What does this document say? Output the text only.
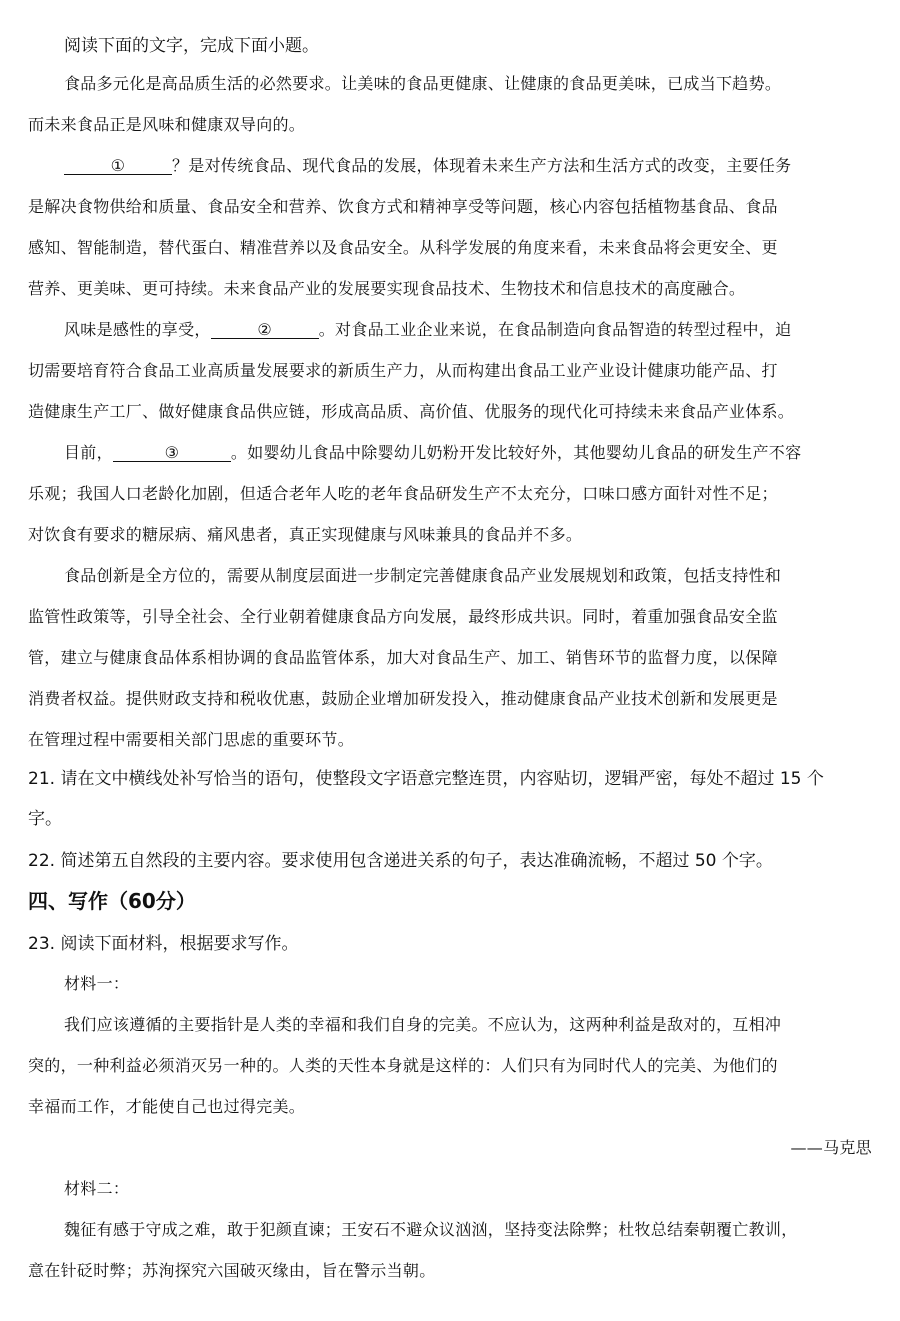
阅读下面的文字，完成下面小题。
食品多元化是高品质生活的必然要求。让美味的食品更健康、让健康的食品更美味，已成当下趋势。
而未来食品正是风味和健康双导向的。
①	？是对传统食品、现代食品的发展，体现着未来生产方法和生活方式的改变，主要任务
是解决食物供给和质量、食品安全和营养、饮食方式和精神享受等问题，核心内容包括植物基食品、食品
感知、智能制造，替代蛋白、精准营养以及食品安全。从科学发展的角度来看，未来食品将会更安全、更
营养、更美味、更可持续。未来食品产业的发展要实现食品技术、生物技术和信息技术的高度融合。
风味是感性的享受，	②	。对食品工业企业来说，在食品制造向食品智造的转型过程中，迫
切需要培育符合食品工业高质量发展要求的新质生产力，从而构建出食品工业产业设计健康功能产品、打
造健康生产工厂、做好健康食品供应链，形成高品质、高价值、优服务的现代化可持续未来食品产业体系。
目前，	③	。如婴幼儿食品中除婴幼儿奶粉开发比较好外，其他婴幼儿食品的研发生产不容
乐观；我国人口老龄化加剧，但适合老年人吃的老年食品研发生产不太充分，口味口感方面针对性不足；
对饮食有要求的糖尿病、痛风患者，真正实现健康与风味兼具的食品并不多。
食品创新是全方位的，需要从制度层面进一步制定完善健康食品产业发展规划和政策，包括支持性和
监管性政策等，引导全社会、全行业朝着健康食品方向发展，最终形成共识。同时，着重加强食品安全监
管，建立与健康食品体系相协调的食品监管体系，加大对食品生产、加工、销售环节的监督力度，以保障
消费者权益。提供财政支持和税收优惠，鼓励企业增加研发投入，推动健康食品产业技术创新和发展更是
在管理过程中需要相关部门思虑的重要环节。
21. 请在文中横线处补写恰当的语句，使整段文字语意完整连贯，内容贴切，逻辑严密，每处不超过 15 个
字。
22. 简述第五自然段的主要内容。要求使用包含递进关系的句子，表达准确流畅，不超过 50 个字。
四、写作（60分）
23. 阅读下面材料，根据要求写作。
材料一：
我们应该遵循的主要指针是人类的幸福和我们自身的完美。不应认为，这两种利益是敌对的，互相冲
突的，一种利益必须消灭另一种的。人类的天性本身就是这样的：人们只有为同时代人的完美、为他们的
幸福而工作，才能使自己也过得完美。
——马克思
材料二：
魏征有感于守成之难，敢于犯颜直谏；王安石不避众议汹汹，坚持变法除弊；杜牧总结秦朝覆亡教训，
意在针砭时弊；苏洵探究六国破灭缘由，旨在警示当朝。
